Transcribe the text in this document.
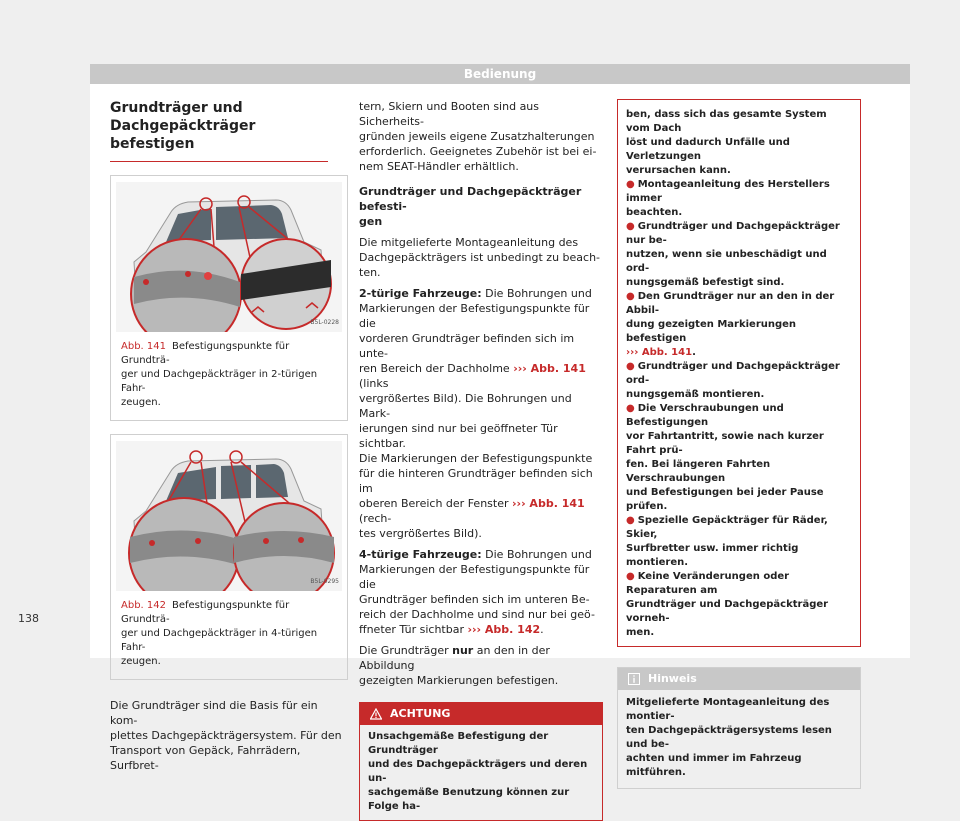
Bedienung
138
Grundträger und Dachgepäckträger
befestigen
B5L-0228
Abb. 141 Befestigungspunkte für Grundträ-
ger und Dachgepäckträger in 2-türigen Fahr-
zeugen.
B5L-0295
Abb. 142 Befestigungspunkte für Grundträ-
ger und Dachgepäckträger in 4-türigen Fahr-
zeugen.

Die Grundträger sind die Basis für ein kom-
plettes Dachgepäckträgersystem. Für den
Transport von Gepäck, Fahrrädern, Surfbret-

tern, Skiern und Booten sind aus Sicherheits-
gründen jeweils eigene Zusatzhalterungen
erforderlich. Geeignetes Zubehör ist bei ei-
nem SEAT-Händler erhältlich.

Grundträger und Dachgepäckträger befesti-
gen

Die mitgelieferte Montageanleitung des
Dachgepäckträgers ist unbedingt zu beach-
ten.

2-türige Fahrzeuge: Die Bohrungen und
Markierungen der Befestigungspunkte für die
vorderen Grundträger befinden sich im unte-
ren Bereich der Dachholme ››› Abb. 141 (links
vergrößertes Bild). Die Bohrungen und Mark-
ierungen sind nur bei geöffneter Tür sichtbar.
Die Markierungen der Befestigungspunkte
für die hinteren Grundträger befinden sich im
oberen Bereich der Fenster ››› Abb. 141 (rech-
tes vergrößertes Bild).

4-türige Fahrzeuge: Die Bohrungen und
Markierungen der Befestigungspunkte für die
Grundträger befinden sich im unteren Be-
reich der Dachholme und sind nur bei geö-
ffneter Tür sichtbar ››› Abb. 142.

Die Grundträger nur an den in der Abbildung
gezeigten Markierungen befestigen.

ACHTUNG
Unsachgemäße Befestigung der Grundträger
und des Dachgepäckträgers und deren un-
sachgemäße Benutzung können zur Folge ha-
ben, dass sich das gesamte System vom Dach
löst und dadurch Unfälle und Verletzungen
verursachen kann.
● Montageanleitung des Herstellers immer
beachten.
● Grundträger und Dachgepäckträger nur be-
nutzen, wenn sie unbeschädigt und ord-
nungsgemäß befestigt sind.
● Den Grundträger nur an den in der Abbil-
dung gezeigten Markierungen befestigen
››› Abb. 141.
● Grundträger und Dachgepäckträger ord-
nungsgemäß montieren.
● Die Verschraubungen und Befestigungen
vor Fahrtantritt, sowie nach kurzer Fahrt prü-
fen. Bei längeren Fahrten Verschraubungen
und Befestigungen bei jeder Pause prüfen.
● Spezielle Gepäckträger für Räder, Skier,
Surfbretter usw. immer richtig montieren.
● Keine Veränderungen oder Reparaturen am
Grundträger und Dachgepäckträger vorneh-
men.
Hinweis
Mitgelieferte Montageanleitung des montier-
ten Dachgepäckträgersystems lesen und be-
achten und immer im Fahrzeug mitführen.
